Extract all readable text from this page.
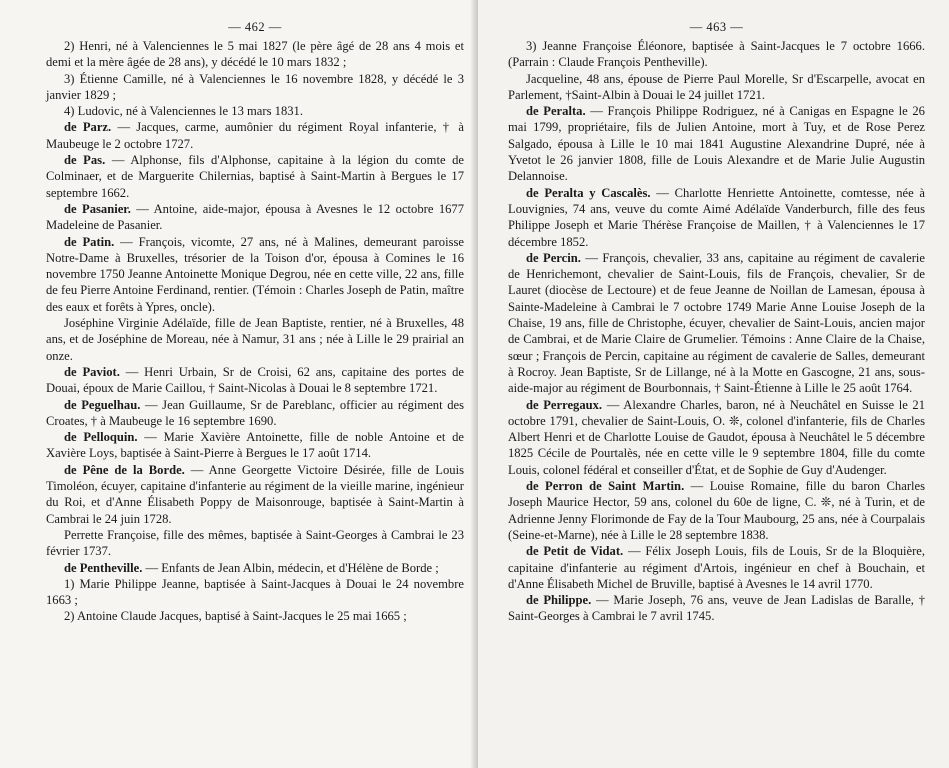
— 462 —

2) Henri, né à Valenciennes le 5 mai 1827 (le père âgé de 28 ans 4 mois et demi et la mère âgée de 28 ans), y décédé le 10 mars 1832 ;

3) Étienne Camille, né à Valenciennes le 16 novembre 1828, y décédé le 3 janvier 1829 ;

4) Ludovic, né à Valenciennes le 13 mars 1831.

de Parz. — Jacques, carme, aumônier du régiment Royal infanterie, † à Maubeuge le 2 octobre 1727.

de Pas. — Alphonse, fils d'Alphonse, capitaine à la légion du comte de Colminaer, et de Marguerite Chilernias, baptisé à Saint-Martin à Bergues le 17 septembre 1662.

de Pasanier. — Antoine, aide-major, épousa à Avesnes le 12 octobre 1677 Madeleine de Pasanier.

de Patin. — François, vicomte, 27 ans, né à Malines, demeurant paroisse Notre-Dame à Bruxelles, trésorier de la Toison d'or, épousa à Comines le 16 novembre 1750 Jeanne Antoinette Monique Degrou, née en cette ville, 22 ans, fille de feu Pierre Antoine Ferdinand, rentier. (Témoin : Charles Joseph de Patin, maître des eaux et forêts à Ypres, oncle).

Joséphine Virginie Adélaïde, fille de Jean Baptiste, rentier, né à Bruxelles, 48 ans, et de Joséphine de Moreau, née à Namur, 31 ans ; née à Lille le 29 prairial an onze.

de Paviot. — Henri Urbain, Sr de Croisi, 62 ans, capitaine des portes de Douai, époux de Marie Caillou, † Saint-Nicolas à Douai le 8 septembre 1721.

de Peguelhau. — Jean Guillaume, Sr de Pareblanc, officier au régiment des Croates, † à Maubeuge le 16 septembre 1690.

de Pelloquin. — Marie Xavière Antoinette, fille de noble Antoine et de Xavière Loys, baptisée à Saint-Pierre à Bergues le 17 août 1714.

de Pêne de la Borde. — Anne Georgette Victoire Désirée, fille de Louis Timoléon, écuyer, capitaine d'infanterie au régiment de la vieille marine, ingénieur du Roi, et d'Anne Élisabeth Poppy de Maisonrouge, baptisée à Saint-Martin à Cambrai le 24 juin 1728.

Perrette Françoise, fille des mêmes, baptisée à Saint-Georges à Cambrai le 23 février 1737.

de Pentheville. — Enfants de Jean Albin, médecin, et d'Hélène de Borde ;

1) Marie Philippe Jeanne, baptisée à Saint-Jacques à Douai le 24 novembre 1663 ;

2) Antoine Claude Jacques, baptisé à Saint-Jacques le 25 mai 1665 ;

— 463 —

3) Jeanne Françoise Éléonore, baptisée à Saint-Jacques le 7 octobre 1666. (Parrain : Claude François Pentheville).

Jacqueline, 48 ans, épouse de Pierre Paul Morelle, Sr d'Escarpelle, avocat en Parlement, †Saint-Albin à Douai le 24 juillet 1721.

de Peralta. — François Philippe Rodriguez, né à Canigas en Espagne le 26 mai 1799, propriétaire, fils de Julien Antoine, mort à Tuy, et de Rose Perez Salgado, épousa à Lille le 10 mai 1841 Augustine Alexandrine Dupré, née à Yvetot le 26 janvier 1808, fille de Louis Alexandre et de Marie Julie Augustin Delannoise.

de Peralta y Cascalès. — Charlotte Henriette Antoinette, comtesse, née à Louvignies, 74 ans, veuve du comte Aimé Adélaïde Vanderburch, fille des feus Philippe Joseph et Marie Thérèse Françoise de Maillen, † à Valenciennes le 17 décembre 1852.

de Percin. — François, chevalier, 33 ans, capitaine au régiment de cavalerie de Henrichemont, chevalier de Saint-Louis, fils de François, chevalier, Sr de Lauret (diocèse de Lectoure) et de feue Jeanne de Noillan de Lamesan, épousa à Sainte-Madeleine à Cambrai le 7 octobre 1749 Marie Anne Louise Joseph de la Chaise, 19 ans, fille de Christophe, écuyer, chevalier de Saint-Louis, ancien major de Cambrai, et de Marie Claire de Grumelier. Témoins : Anne Claire de la Chaise, sœur ; François de Percin, capitaine au régiment de cavalerie de Salles, demeurant à Rocroy. Jean Baptiste, Sr de Lillange, né à la Motte en Gascogne, 21 ans, sous-aide-major au régiment de Bourbonnais, † Saint-Étienne à Lille le 25 août 1764.

de Perregaux. — Alexandre Charles, baron, né à Neuchâtel en Suisse le 21 octobre 1791, chevalier de Saint-Louis, O. ❊, colonel d'infanterie, fils de Charles Albert Henri et de Charlotte Louise de Gaudot, épousa à Neuchâtel le 5 décembre 1825 Cécile de Pourtalès, née en cette ville le 9 septembre 1804, fille du comte Louis, colonel fédéral et conseiller d'État, et de Sophie de Guy d'Audenger.

de Perron de Saint Martin. — Louise Romaine, fille du baron Charles Joseph Maurice Hector, 59 ans, colonel du 60e de ligne, C. ❊, né à Turin, et de Adrienne Jenny Florimonde de Fay de la Tour Maubourg, 25 ans, née à Courpalais (Seine-et-Marne), née à Lille le 28 septembre 1838.

de Petit de Vidat. — Félix Joseph Louis, fils de Louis, Sr de la Bloquière, capitaine d'infanterie au régiment d'Artois, ingénieur en chef à Bouchain, et d'Anne Élisabeth Michel de Bruville, baptisé à Avesnes le 14 avril 1770.

de Philippe. — Marie Joseph, 76 ans, veuve de Jean Ladislas de Baralle, † Saint-Georges à Cambrai le 7 avril 1745.
